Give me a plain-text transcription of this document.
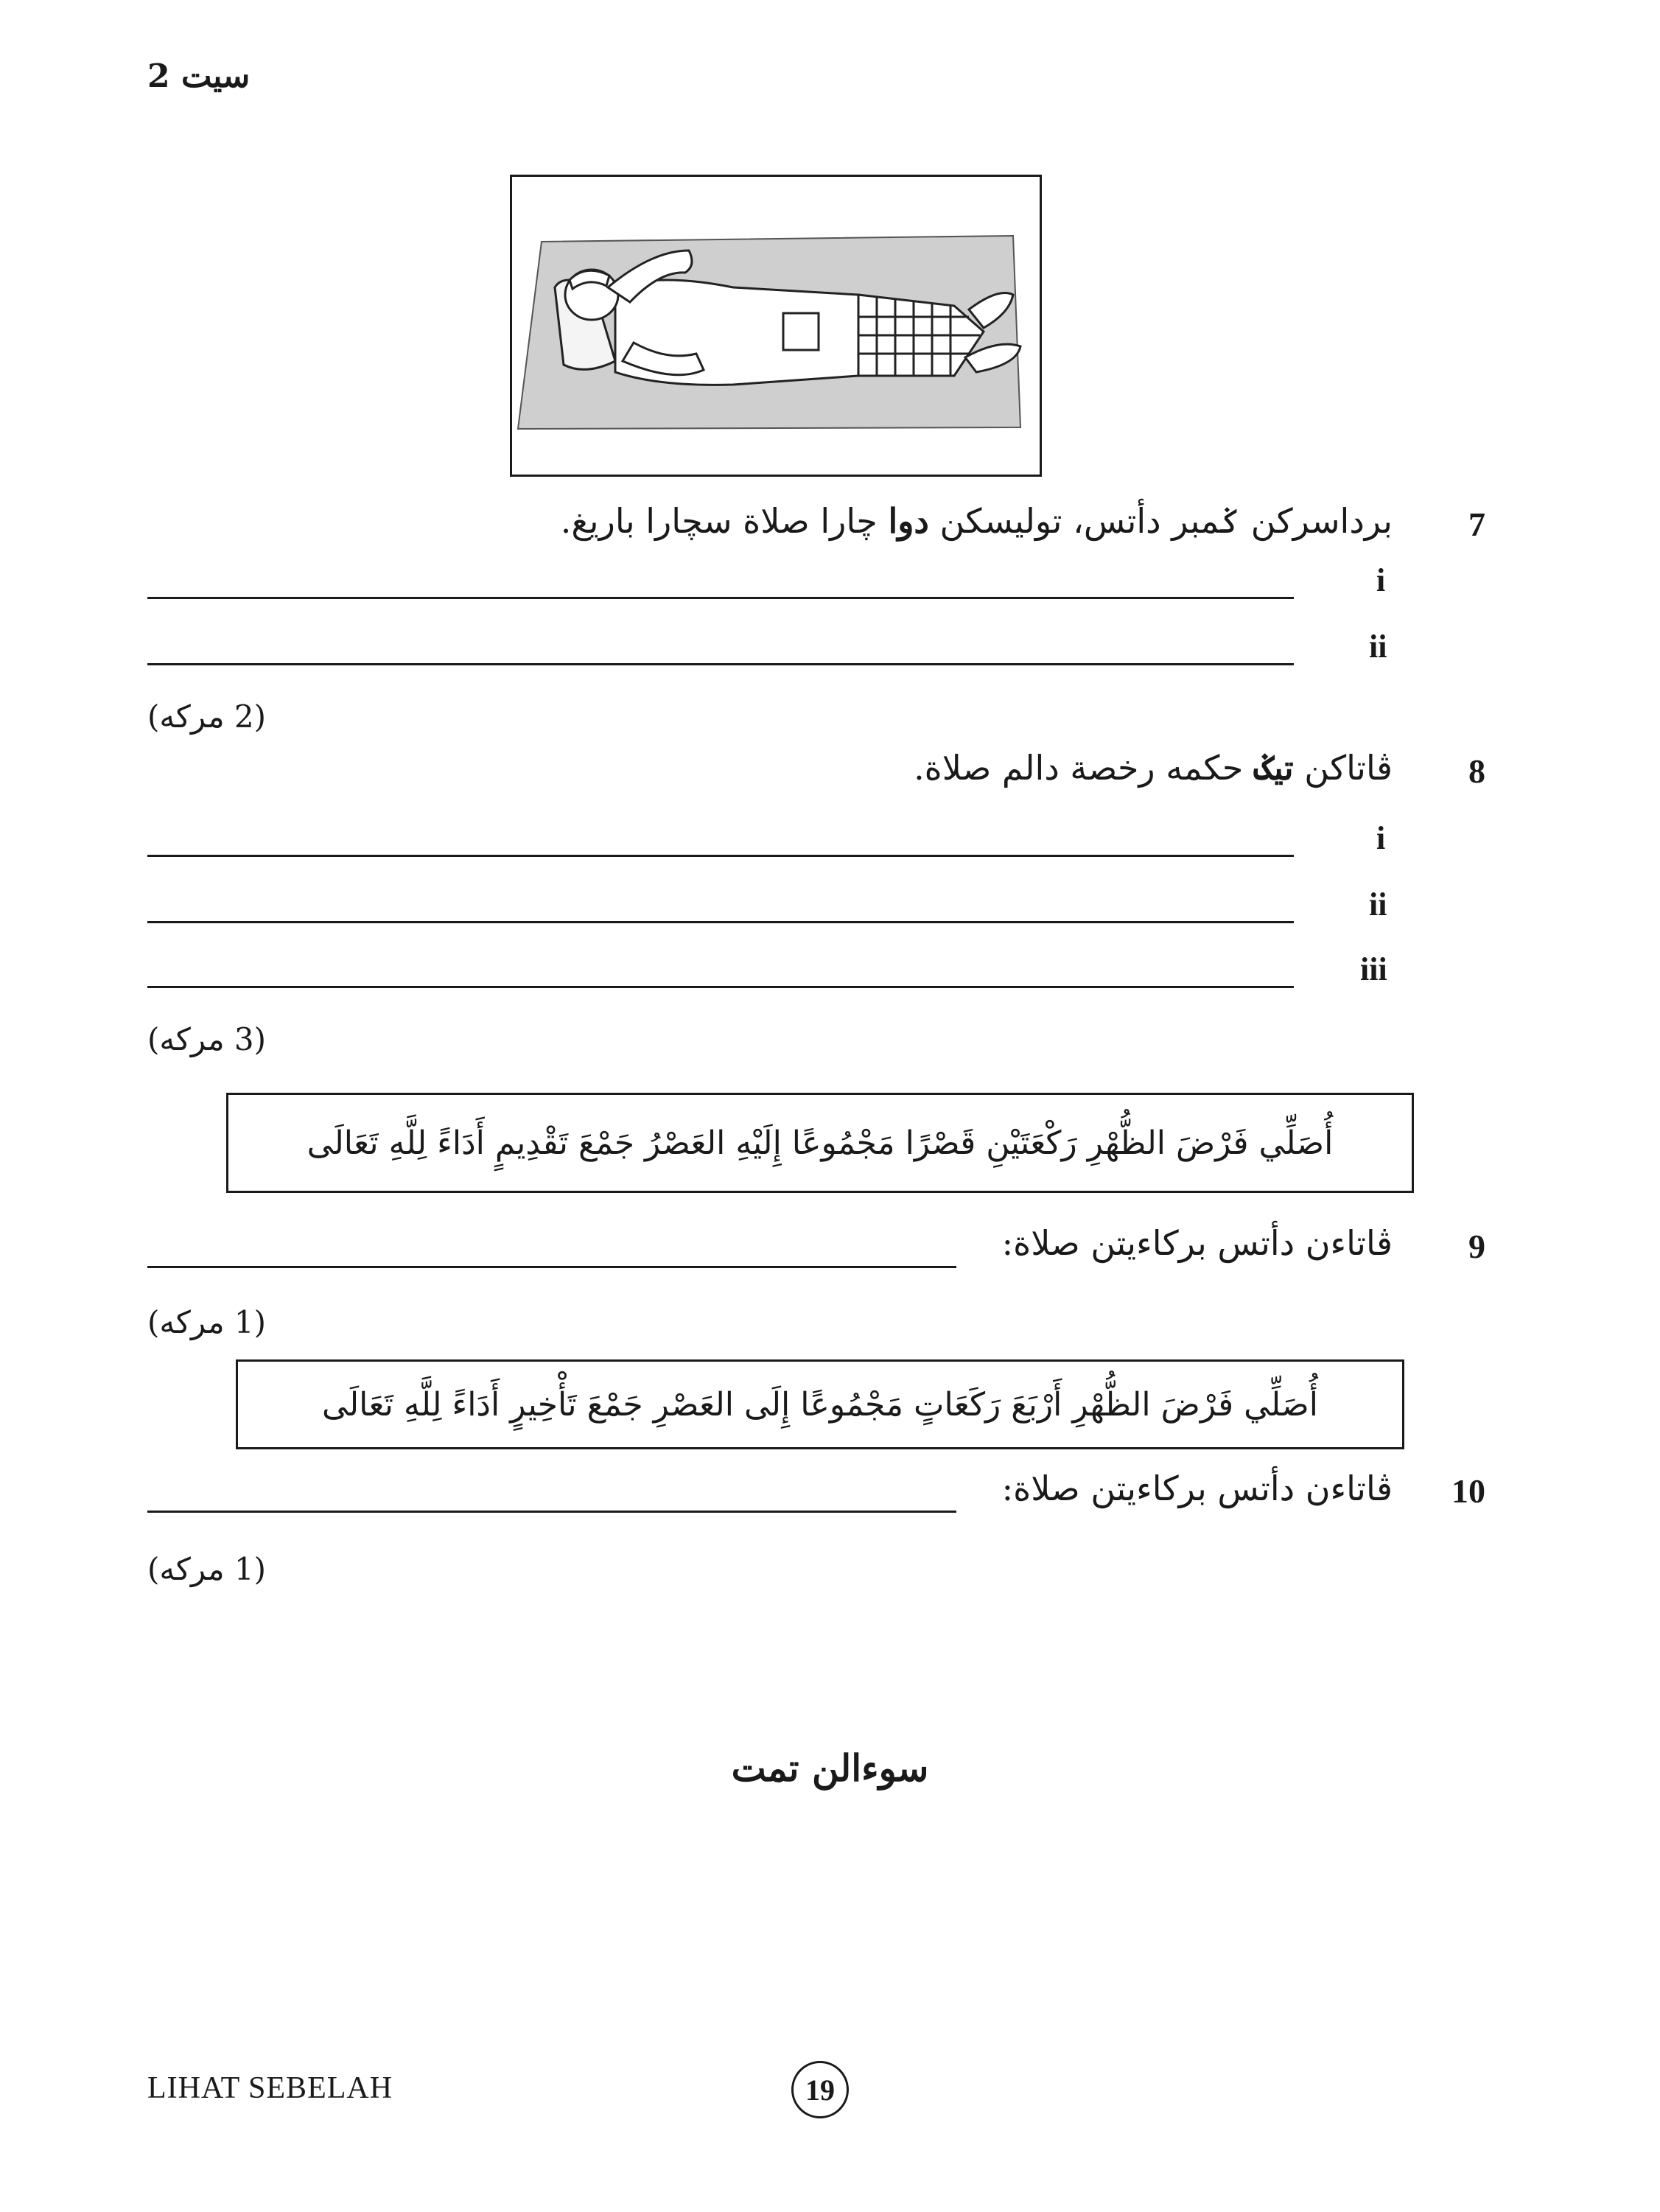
سيت 2
7
برداسرکن ݢمبر دأتس، توليسکن دوا چارا صلاة سچارا باريغ.
i
ii
(2 مرکه)
8
ڤاتاکن تيݢ حکمه رخصة دالم صلاة.
i
ii
iii
(3 مرکه)
أُصَلِّي فَرْضَ الظُّهْرِ رَكْعَتَيْنِ قَصْرًا مَجْمُوعًا إِلَيْهِ العَصْرُ جَمْعَ تَقْدِيمٍ أَدَاءً لِلَّهِ تَعَالَى
9
ڤاتاءن دأتس برکاءيتن صلاة:
(1 مرکه)
أُصَلِّي فَرْضَ الظُّهْرِ أَرْبَعَ رَكَعَاتٍ مَجْمُوعًا إِلَى العَصْرِ جَمْعَ تَأْخِيرٍ أَدَاءً لِلَّهِ تَعَالَى
10
ڤاتاءن دأتس برکاءيتن صلاة:
(1 مرکه)
سوءالن تمت
LIHAT SEBELAH	19
